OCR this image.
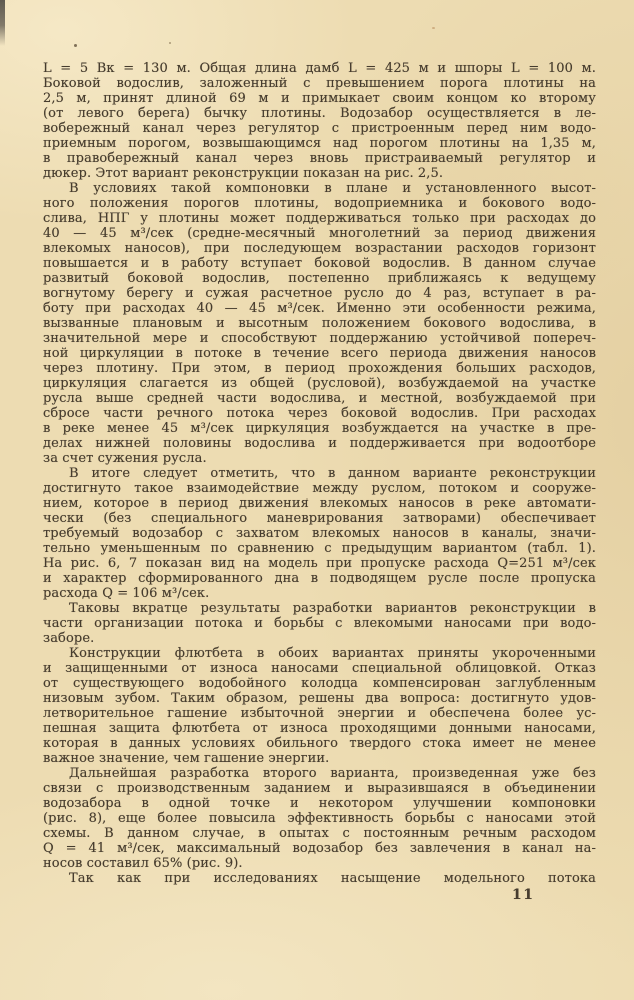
L = 5 Bк = 130 м. Общая длина дамб L = 425 м и шпоры L = 100 м.
Боковой водослив, заложенный с превышением порога плотины на
2,5 м, принят длиной 69 м и примыкает своим концом ко второму
(от левого берега) бычку плотины. Водозабор осуществляется в ле-
вобережный канал через регулятор с пристроенным перед ним водо-
приемным порогом, возвышающимся над порогом плотины на 1,35 м,
в правобережный канал через вновь пристраиваемый регулятор и
дюкер. Этот вариант реконструкции показан на рис. 2,5.
В условиях такой компоновки в плане и установленного высот-
ного положения порогов плотины, водоприемника и бокового водо-
слива, НПГ у плотины может поддерживаться только при расходах до
40 — 45 м³/сек (средне-месячный многолетний за период движения
влекомых наносов), при последующем возрастании расходов горизонт
повышается и в работу вступает боковой водослив. В данном случае
развитый боковой водослив, постепенно приближаясь к ведущему
вогнутому берегу и сужая расчетное русло до 4 раз, вступает в ра-
боту при расходах 40 — 45 м³/сек. Именно эти особенности режима,
вызванные плановым и высотным положением бокового водослива, в
значительной мере и способствуют поддержанию устойчивой попереч-
ной циркуляции в потоке в течение всего периода движения наносов
через плотину. При этом, в период прохождения больших расходов,
циркуляция слагается из общей (русловой), возбуждаемой на участке
русла выше средней части водослива, и местной, возбуждаемой при
сбросе части речного потока через боковой водослив. При расходах
в реке менее 45 м³/сек циркуляция возбуждается на участке в пре-
делах нижней половины водослива и поддерживается при водоотборе
за счет сужения русла.
В итоге следует отметить, что в данном варианте реконструкции
достигнуто такое взаимодействие между руслом, потоком и сооруже-
нием, которое в период движения влекомых наносов в реке автомати-
чески (без специального маневрирования затворами) обеспечивает
требуемый водозабор с захватом влекомых наносов в каналы, значи-
тельно уменьшенным по сравнению с предыдущим вариантом (табл. 1).
На рис. 6, 7 показан вид на модель при пропуске расхода Q=251 м³/сек
и характер сформированного дна в подводящем русле после пропуска
расхода Q = 106 м³/сек.
Таковы вкратце результаты разработки вариантов реконструкции в
части организации потока и борьбы с влекомыми наносами при водо-
заборе.
Конструкции флютбета в обоих вариантах приняты укороченными
и защищенными от износа наносами специальной облицовкой. Отказ
от существующего водобойного колодца компенсирован заглубленным
низовым зубом. Таким образом, решены два вопроса: достигнуто удов-
летворительное гашение избыточной энергии и обеспечена более ус-
пешная защита флютбета от износа проходящими донными наносами,
которая в данных условиях обильного твердого стока имеет не менее
важное значение, чем гашение энергии.
Дальнейшая разработка второго варианта, произведенная уже без
связи с производственным заданием и выразившаяся в объединении
водозабора в одной точке и некотором улучшении компоновки
(рис. 8), еще более повысила эффективность борьбы с наносами этой
схемы. В данном случае, в опытах с постоянным речным расходом
Q = 41 м³/сек, максимальный водозабор без завлечения в канал на-
носов составил 65% (рис. 9).
Так как при исследованиях насыщение модельного потока
11
